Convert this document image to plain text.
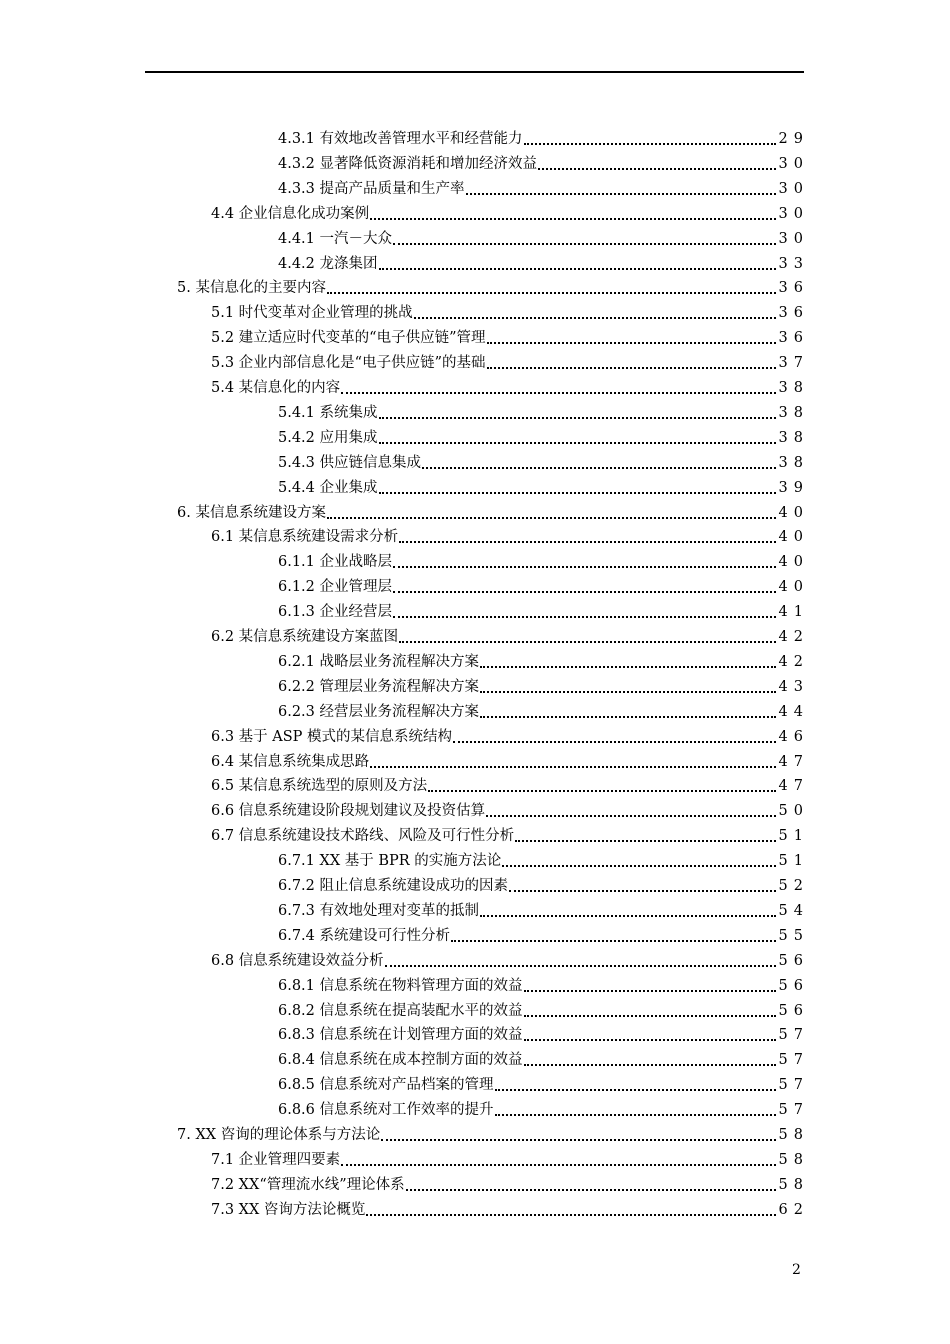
4.3.1 有效地改善管理水平和经营能力	29
4.3.2 显著降低资源消耗和增加经济效益	30
4.3.3 提高产品质量和生产率	30
4.4 企业信息化成功案例	30
4.4.1 一汽－大众	30
4.4.2 龙涤集团	33
5. 某信息化的主要内容	36
5.1 时代变革对企业管理的挑战	36
5.2 建立适应时代变革的“电子供应链”管理	36
5.3 企业内部信息化是“电子供应链”的基础	37
5.4 某信息化的内容	38
5.4.1 系统集成	38
5.4.2 应用集成	38
5.4.3 供应链信息集成	38
5.4.4 企业集成	39
6. 某信息系统建设方案	40
6.1 某信息系统建设需求分析	40
6.1.1 企业战略层	40
6.1.2 企业管理层	40
6.1.3 企业经营层	41
6.2 某信息系统建设方案蓝图	42
6.2.1 战略层业务流程解决方案	42
6.2.2 管理层业务流程解决方案	43
6.2.3 经营层业务流程解决方案	44
6.3 基于 ASP 模式的某信息系统结构	46
6.4 某信息系统集成思路	47
6.5 某信息系统选型的原则及方法	47
6.6 信息系统建设阶段规划建议及投资估算	50
6.7 信息系统建设技术路线、风险及可行性分析	51
6.7.1 XX 基于 BPR 的实施方法论	51
6.7.2 阻止信息系统建设成功的因素	52
6.7.3 有效地处理对变革的抵制	54
6.7.4 系统建设可行性分析	55
6.8 信息系统建设效益分析	56
6.8.1 信息系统在物料管理方面的效益	56
6.8.2 信息系统在提高装配水平的效益	56
6.8.3 信息系统在计划管理方面的效益	57
6.8.4 信息系统在成本控制方面的效益	57
6.8.5 信息系统对产品档案的管理	57
6.8.6 信息系统对工作效率的提升	57
7. XX 咨询的理论体系与方法论	58
7.1 企业管理四要素	58
7.2 XX“管理流水线”理论体系	58
7.3 XX 咨询方法论概览	62
2
